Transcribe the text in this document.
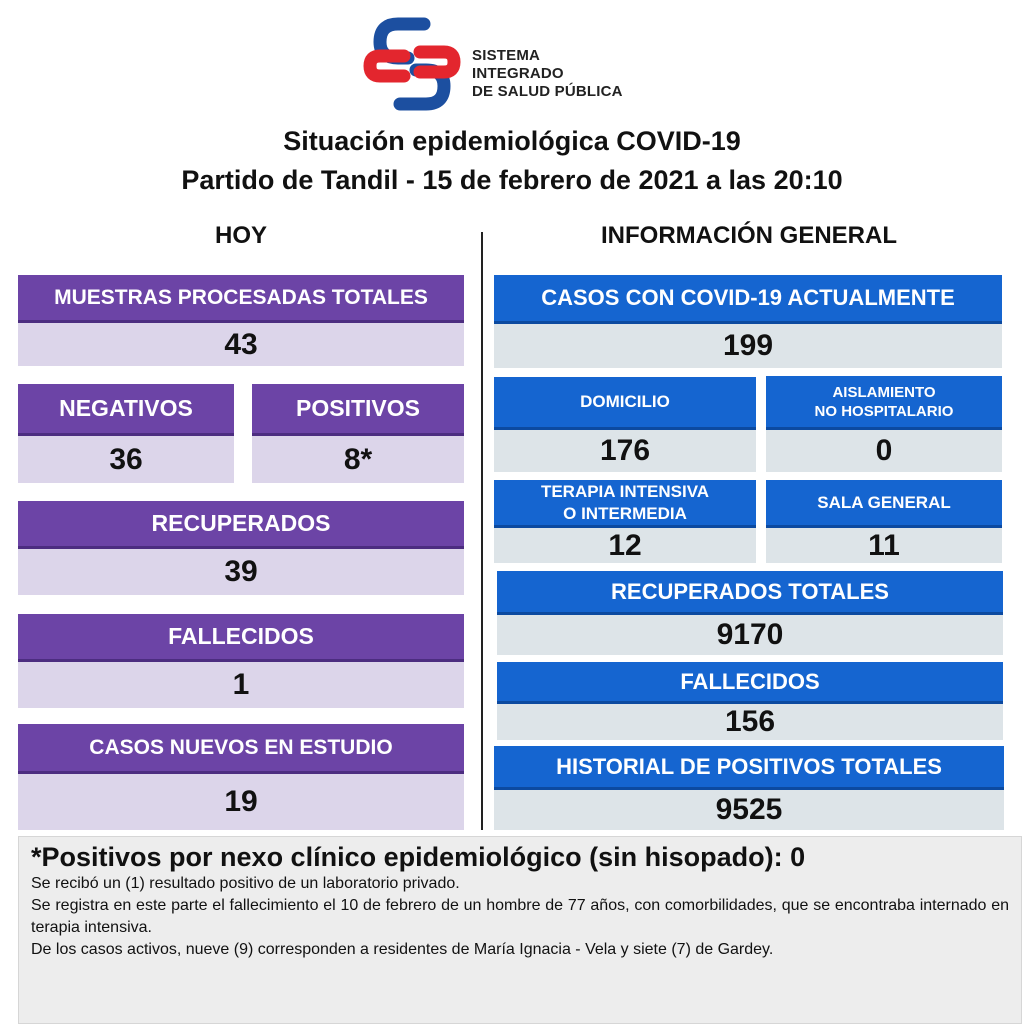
SISTEMA INTEGRADO
DE SALUD PÚBLICA
Situación epidemiológica COVID-19
Partido de Tandil - 15 de febrero de 2021 a las 20:10
HOY	INFORMACIÓN GENERAL
MUESTRAS PROCESADAS TOTALES
43
NEGATIVOS
36
POSITIVOS
8*
RECUPERADOS
39
FALLECIDOS
1
CASOS NUEVOS EN ESTUDIO
19
CASOS CON COVID-19 ACTUALMENTE
199
DOMICILIO
176
AISLAMIENTO
NO HOSPITALARIO
0
TERAPIA INTENSIVA
O INTERMEDIA
12
SALA GENERAL
11
RECUPERADOS TOTALES
9170
FALLECIDOS
156
HISTORIAL DE POSITIVOS TOTALES
9525
*Positivos por nexo clínico epidemiológico (sin hisopado): 0

Se recibó un (1) resultado positivo de un laboratorio privado.

Se registra en este parte el fallecimiento el 10 de febrero de un hombre de 77 años, con comorbilidades, que se encontraba internado en terapia intensiva.

De los casos activos, nueve (9) corresponden a residentes de María Ignacia - Vela y siete (7) de Gardey.
